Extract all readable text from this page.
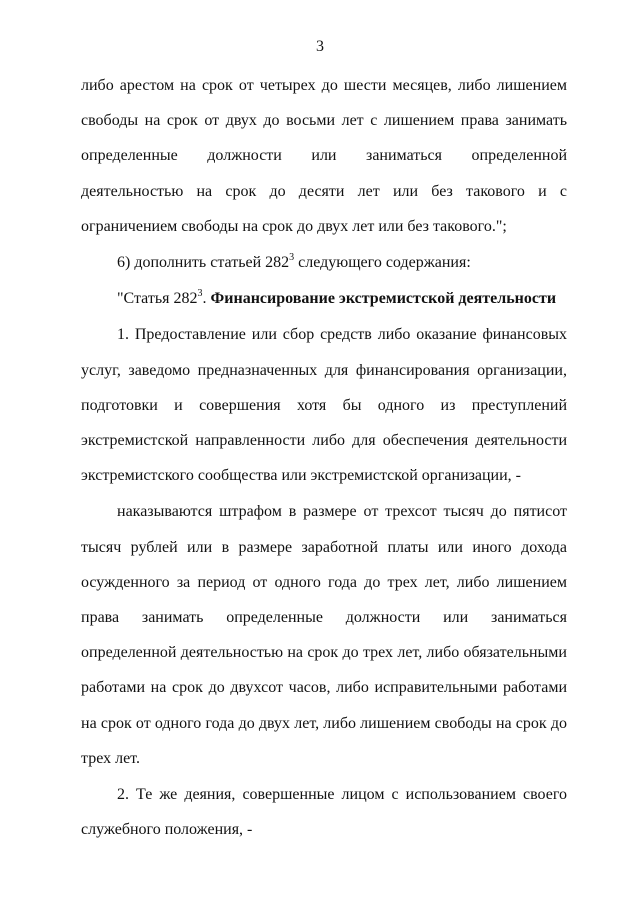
3

либо арестом на срок от четырех до шести месяцев, либо лишением свободы на срок от двух до восьми лет с лишением права занимать определенные должности или заниматься определенной деятельностью на срок до десяти лет или без такового и с ограничением свободы на срок до двух лет или без такового.";

6) дополнить статьей $282^3$ следующего содержания:

"Статья $282^3$. Финансирование экстремистской деятельности

1. Предоставление или сбор средств либо оказание финансовых услуг, заведомо предназначенных для финансирования организации, подготовки и совершения хотя бы одного из преступлений экстремистской направленности либо для обеспечения деятельности экстремистского сообщества или экстремистской организации, -

наказываются штрафом в размере от трехсот тысяч до пятисот тысяч рублей или в размере заработной платы или иного дохода осужденного за период от одного года до трех лет, либо лишением права занимать определенные должности или заниматься определенной деятельностью на срок до трех лет, либо обязательными работами на срок до двухсот часов, либо исправительными работами на срок от одного года до двух лет, либо лишением свободы на срок до трех лет.

2. Те же деяния, совершенные лицом с использованием своего служебного положения, -
